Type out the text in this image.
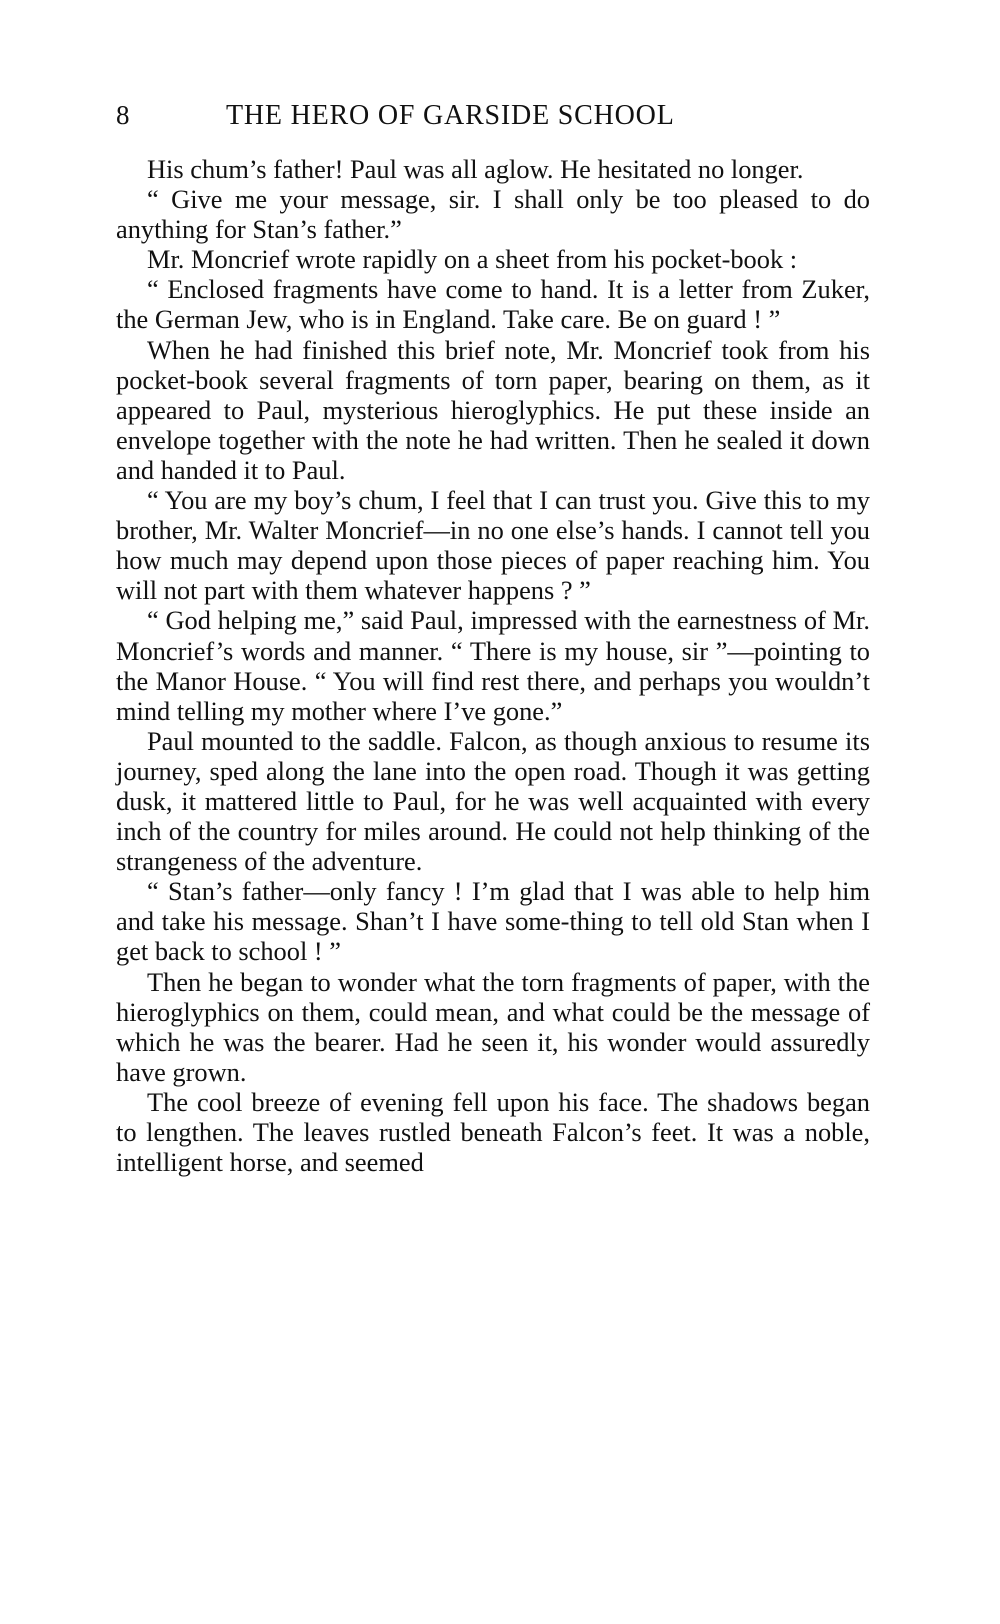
8	THE HERO OF GARSIDE SCHOOL

His chum’s father! Paul was all aglow. He hesitated no longer.

“ Give me your message, sir. I shall only be too pleased to do anything for Stan’s father.”

Mr. Moncrief wrote rapidly on a sheet from his pocket-book :

“ Enclosed fragments have come to hand. It is a letter from Zuker, the German Jew, who is in England. Take care. Be on guard ! ”

When he had finished this brief note, Mr. Moncrief took from his pocket-book several fragments of torn paper, bearing on them, as it appeared to Paul, mysterious hieroglyphics. He put these inside an envelope together with the note he had written. Then he sealed it down and handed it to Paul.

“ You are my boy’s chum, I feel that I can trust you. Give this to my brother, Mr. Walter Moncrief—in no one else’s hands. I cannot tell you how much may depend upon those pieces of paper reaching him. You will not part with them whatever happens ? ”

“ God helping me,” said Paul, impressed with the earnestness of Mr. Moncrief’s words and manner. “ There is my house, sir ”—pointing to the Manor House. “ You will find rest there, and perhaps you wouldn’t mind telling my mother where I’ve gone.”

Paul mounted to the saddle. Falcon, as though anxious to resume its journey, sped along the lane into the open road. Though it was getting dusk, it mattered little to Paul, for he was well acquainted with every inch of the country for miles around. He could not help thinking of the strangeness of the adventure.

“ Stan’s father—only fancy ! I’m glad that I was able to help him and take his message. Shan’t I have some-thing to tell old Stan when I get back to school ! ”

Then he began to wonder what the torn fragments of paper, with the hieroglyphics on them, could mean, and what could be the message of which he was the bearer. Had he seen it, his wonder would assuredly have grown.

The cool breeze of evening fell upon his face. The shadows began to lengthen. The leaves rustled beneath Falcon’s feet. It was a noble, intelligent horse, and seemed
